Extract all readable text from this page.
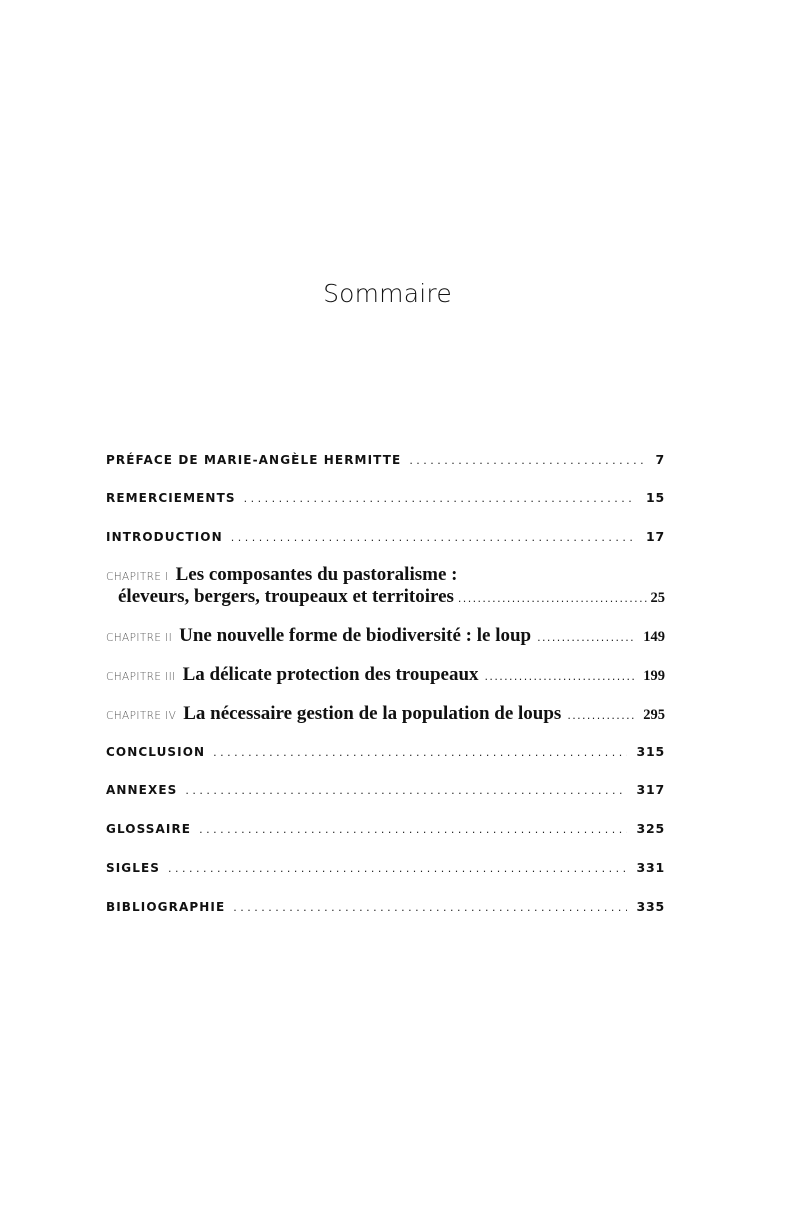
Sommaire
PRÉFACE DE MARIE-ANGÈLE HERMITTE . . .	7
REMERCIEMENTS . . .	15
INTRODUCTION . . .	17
CHAPITRE I Les composantes du pastoralisme :
éleveurs, bergers, troupeaux et territoires .....	25
CHAPITRE II Une nouvelle forme de biodiversité : le loup .....	149
CHAPITRE III La délicate protection des troupeaux .....	199
CHAPITRE IV La nécessaire gestion de la population de loups .....	295
CONCLUSION . . .	315
ANNEXES . . .	317
GLOSSAIRE . . .	325
SIGLES . . .	331
BIBLIOGRAPHIE . . .	335
